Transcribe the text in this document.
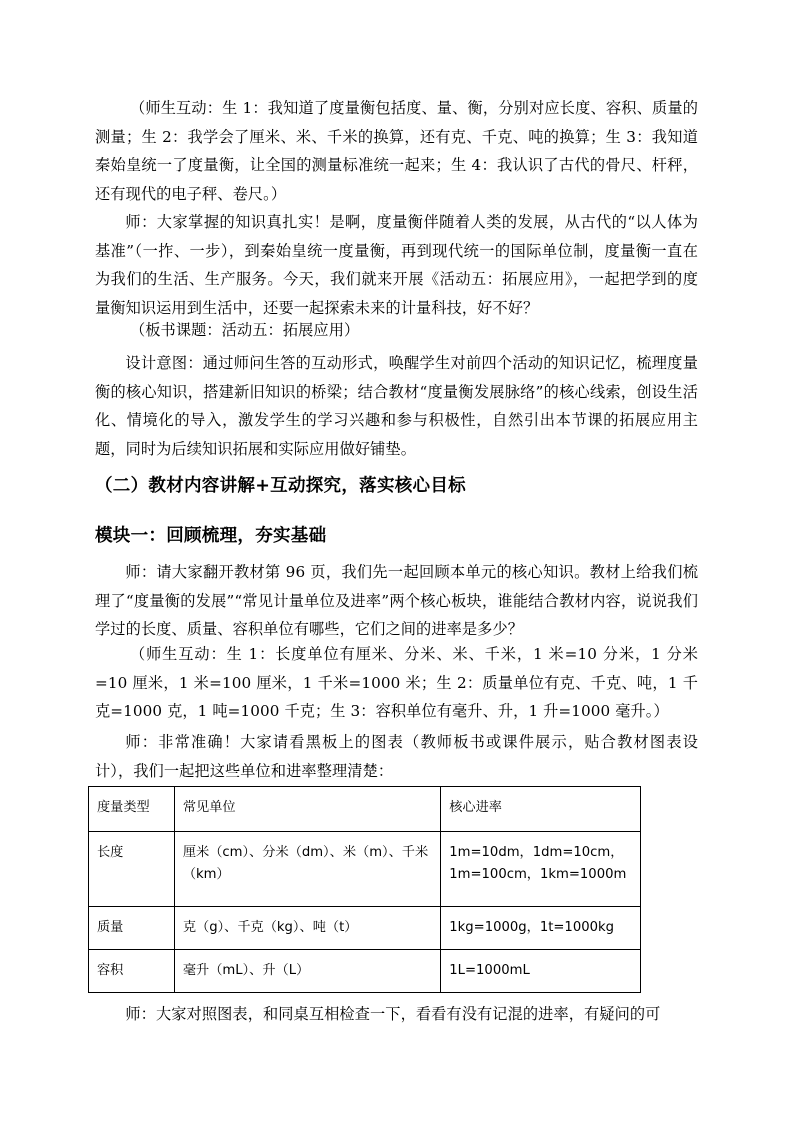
（师生互动：生 1：我知道了度量衡包括度、量、衡，分别对应长度、容积、质量的测量；生 2：我学会了厘米、米、千米的换算，还有克、千克、吨的换算；生 3：我知道秦始皇统一了度量衡，让全国的测量标准统一起来；生 4：我认识了古代的骨尺、杆秤，还有现代的电子秤、卷尺。）

师：大家掌握的知识真扎实！是啊，度量衡伴随着人类的发展，从古代的“以人体为基准”（一拃、一步），到秦始皇统一度量衡，再到现代统一的国际单位制，度量衡一直在为我们的生活、生产服务。今天，我们就来开展《活动五：拓展应用》，一起把学到的度量衡知识运用到生活中，还要一起探索未来的计量科技，好不好？

（板书课题：活动五：拓展应用）

设计意图：通过师问生答的互动形式，唤醒学生对前四个活动的知识记忆，梳理度量衡的核心知识，搭建新旧知识的桥梁；结合教材“度量衡发展脉络”的核心线索，创设生活化、情境化的导入，激发学生的学习兴趣和参与积极性，自然引出本节课的拓展应用主题，同时为后续知识拓展和实际应用做好铺垫。

（二）教材内容讲解+互动探究，落实核心目标
模块一：回顾梳理，夯实基础

师：请大家翻开教材第 96 页，我们先一起回顾本单元的核心知识。教材上给我们梳理了“度量衡的发展”“常见计量单位及进率”两个核心板块，谁能结合教材内容，说说我们学过的长度、质量、容积单位有哪些，它们之间的进率是多少？

（师生互动：生 1：长度单位有厘米、分米、米、千米，1 米=10 分米，1 分米=10 厘米，1 米=100 厘米，1 千米=1000 米；生 2：质量单位有克、千克、吨，1 千克=1000 克，1 吨=1000 千克；生 3：容积单位有毫升、升，1 升=1000 毫升。）

师：非常准确！大家请看黑板上的图表（教师板书或课件展示，贴合教材图表设计），我们一起把这些单位和进率整理清楚：

度量类型	常见单位	核心进率
长度	厘米（cm）、分米（dm）、米（m）、千米（km）	1m=10dm，1dm=10cm，1m=100cm，1km=1000m
质量	克（g）、千克（kg）、吨（t）	1kg=1000g，1t=1000kg
容积	毫升（mL）、升（L）	1L=1000mL

师：大家对照图表，和同桌互相检查一下，看看有没有记混的进率，有疑问的可
